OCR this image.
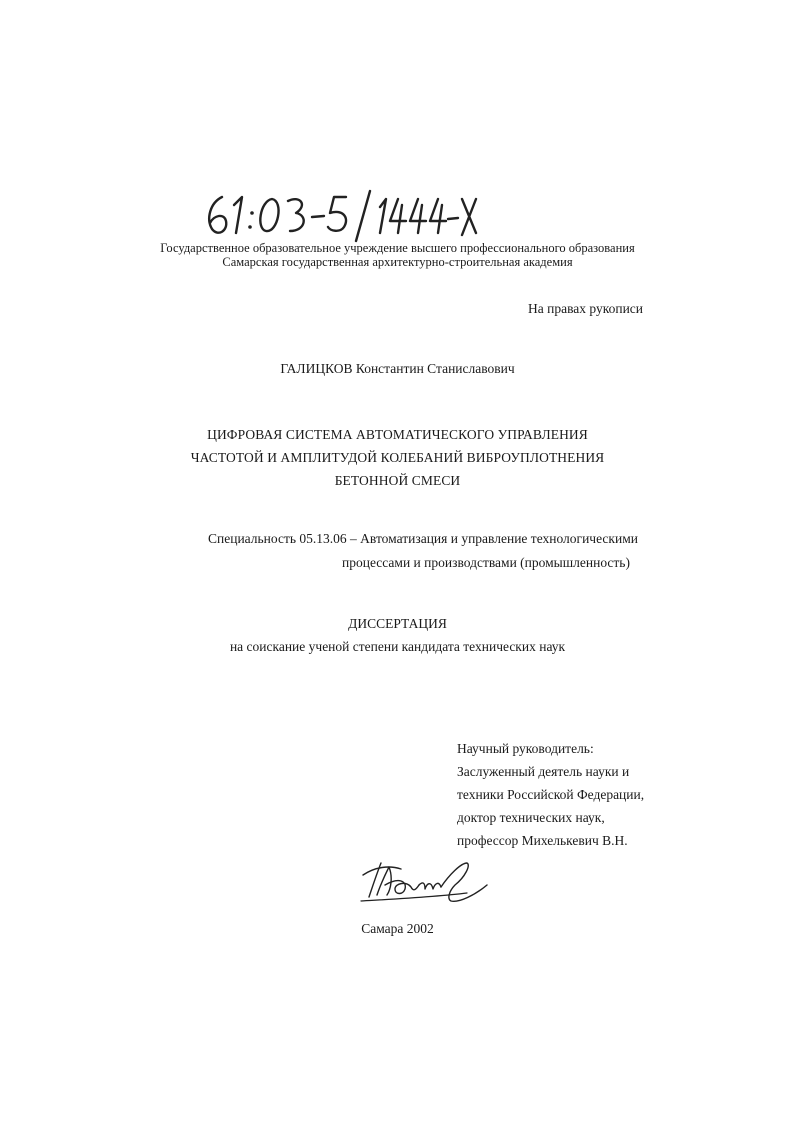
Государственное образовательное учреждение высшего профессионального образования
Самарская государственная архитектурно-строительная академия
На правах рукописи
ГАЛИЦКОВ Константин Станиславович
ЦИФРОВАЯ СИСТЕМА АВТОМАТИЧЕСКОГО УПРАВЛЕНИЯ
ЧАСТОТОЙ И АМПЛИТУДОЙ КОЛЕБАНИЙ ВИБРОУПЛОТНЕНИЯ
БЕТОННОЙ СМЕСИ
Специальность 05.13.06 – Автоматизация и управление технологическими
процессами и производствами (промышленность)
ДИССЕРТАЦИЯ
на соискание ученой степени кандидата технических наук
Научный руководитель:
Заслуженный деятель науки и
техники Российской Федерации,
доктор технических наук,
профессор Михелькевич В.Н.
Самара 2002
